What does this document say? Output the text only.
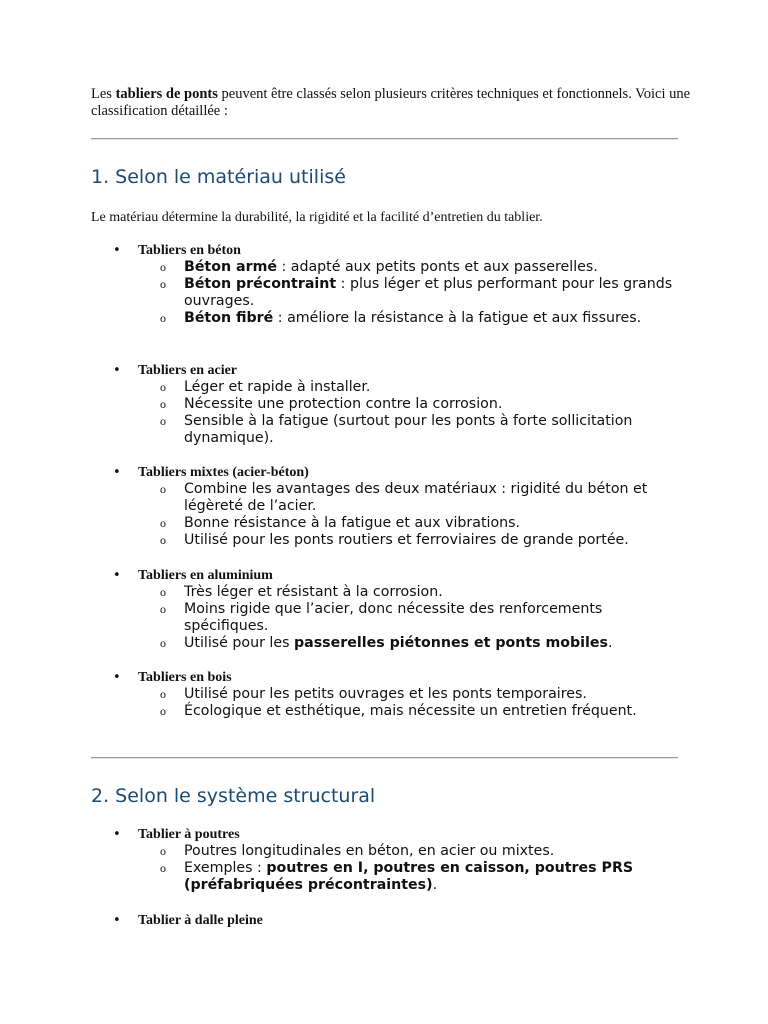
Les tabliers de ponts peuvent être classés selon plusieurs critères techniques et fonctionnels. Voici une classification détaillée :
1. Selon le matériau utilisé
Le matériau détermine la durabilité, la rigidité et la facilité d’entretien du tablier.
• Tabliers en béton
o Béton armé : adapté aux petits ponts et aux passerelles.
o Béton précontraint : plus léger et plus performant pour les grands ouvrages.
o Béton fibré : améliore la résistance à la fatigue et aux fissures.
• Tabliers en acier
o Léger et rapide à installer.
o Nécessite une protection contre la corrosion.
o Sensible à la fatigue (surtout pour les ponts à forte sollicitation dynamique).
• Tabliers mixtes (acier-béton)
o Combine les avantages des deux matériaux : rigidité du béton et légèreté de l’acier.
o Bonne résistance à la fatigue et aux vibrations.
o Utilisé pour les ponts routiers et ferroviaires de grande portée.
• Tabliers en aluminium
o Très léger et résistant à la corrosion.
o Moins rigide que l’acier, donc nécessite des renforcements spécifiques.
o Utilisé pour les passerelles piétonnes et ponts mobiles.
• Tabliers en bois
o Utilisé pour les petits ouvrages et les ponts temporaires.
o Écologique et esthétique, mais nécessite un entretien fréquent.
2. Selon le système structural
• Tablier à poutres
o Poutres longitudinales en béton, en acier ou mixtes.
o Exemples : poutres en I, poutres en caisson, poutres PRS (préfabriquées précontraintes).
• Tablier à dalle pleine
